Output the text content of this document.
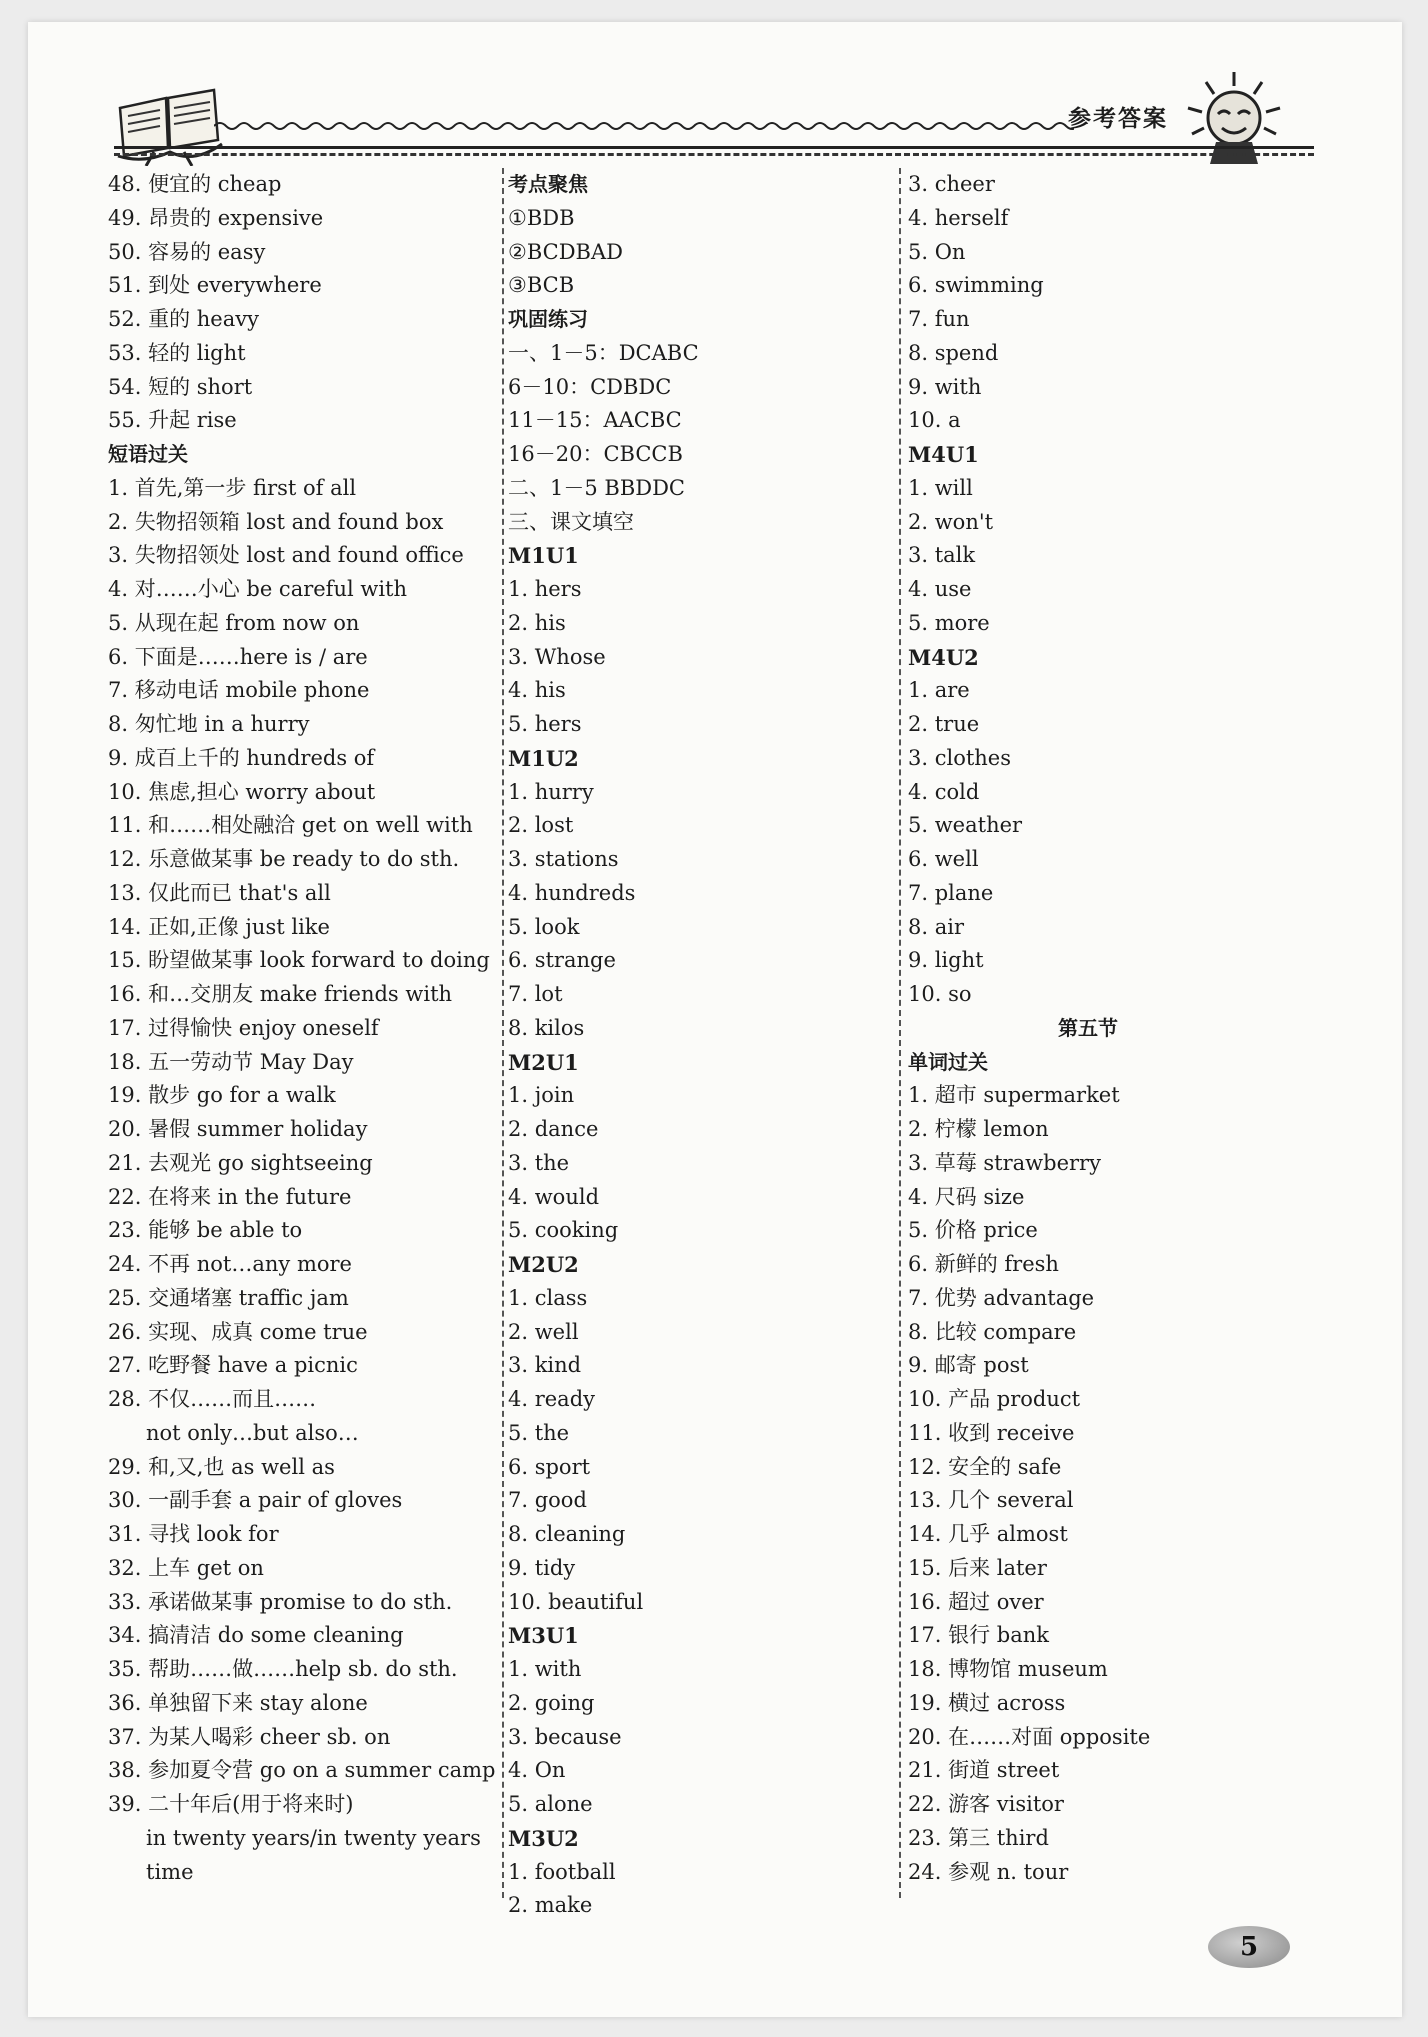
参考答案
48. 便宜的 cheap
49. 昂贵的 expensive
50. 容易的 easy
51. 到处 everywhere
52. 重的 heavy
53. 轻的 light
54. 短的 short
55. 升起 rise
短语过关
1. 首先,第一步 first of all
2. 失物招领箱 lost and found box
3. 失物招领处 lost and found office
4. 对……小心 be careful with
5. 从现在起 from now on
6. 下面是……here is / are
7. 移动电话 mobile phone
8. 匆忙地 in a hurry
9. 成百上千的 hundreds of
10. 焦虑,担心 worry about
11. 和……相处融洽 get on well with
12. 乐意做某事 be ready to do sth.
13. 仅此而已 that's all
14. 正如,正像 just like
15. 盼望做某事 look forward to doing
16. 和…交朋友 make friends with
17. 过得愉快 enjoy oneself
18. 五一劳动节 May Day
19. 散步 go for a walk
20. 暑假 summer holiday
21. 去观光 go sightseeing
22. 在将来 in the future
23. 能够 be able to
24. 不再 not…any more
25. 交通堵塞 traffic jam
26. 实现、成真 come true
27. 吃野餐 have a picnic
28. 不仅……而且……
not only…but also…
29. 和,又,也 as well as
30. 一副手套 a pair of gloves
31. 寻找 look for
32. 上车 get on
33. 承诺做某事 promise to do sth.
34. 搞清洁 do some cleaning
35. 帮助……做……help sb. do sth.
36. 单独留下来 stay alone
37. 为某人喝彩 cheer sb. on
38. 参加夏令营 go on a summer camp
39. 二十年后(用于将来时)
in twenty years/in twenty years
time
考点聚焦
①BDB
②BCDBAD
③BCB
巩固练习
一、1－5：DCABC
6－10：CDBDC
11－15：AACBC
16－20：CBCCB
二、1－5 BBDDC
三、课文填空
M1U1
1. hers
2. his
3. Whose
4. his
5. hers
M1U2
1. hurry
2. lost
3. stations
4. hundreds
5. look
6. strange
7. lot
8. kilos
M2U1
1. join
2. dance
3. the
4. would
5. cooking
M2U2
1. class
2. well
3. kind
4. ready
5. the
6. sport
7. good
8. cleaning
9. tidy
10. beautiful
M3U1
1. with
2. going
3. because
4. On
5. alone
M3U2
1. football
2. make
3. cheer
4. herself
5. On
6. swimming
7. fun
8. spend
9. with
10. a
M4U1
1. will
2. won't
3. talk
4. use
5. more
M4U2
1. are
2. true
3. clothes
4. cold
5. weather
6. well
7. plane
8. air
9. light
10. so
第五节
单词过关
1. 超市 supermarket
2. 柠檬 lemon
3. 草莓 strawberry
4. 尺码 size
5. 价格 price
6. 新鲜的 fresh
7. 优势 advantage
8. 比较 compare
9. 邮寄 post
10. 产品 product
11. 收到 receive
12. 安全的 safe
13. 几个 several
14. 几乎 almost
15. 后来 later
16. 超过 over
17. 银行 bank
18. 博物馆 museum
19. 横过 across
20. 在……对面 opposite
21. 街道 street
22. 游客 visitor
23. 第三 third
24. 参观 n. tour
5
